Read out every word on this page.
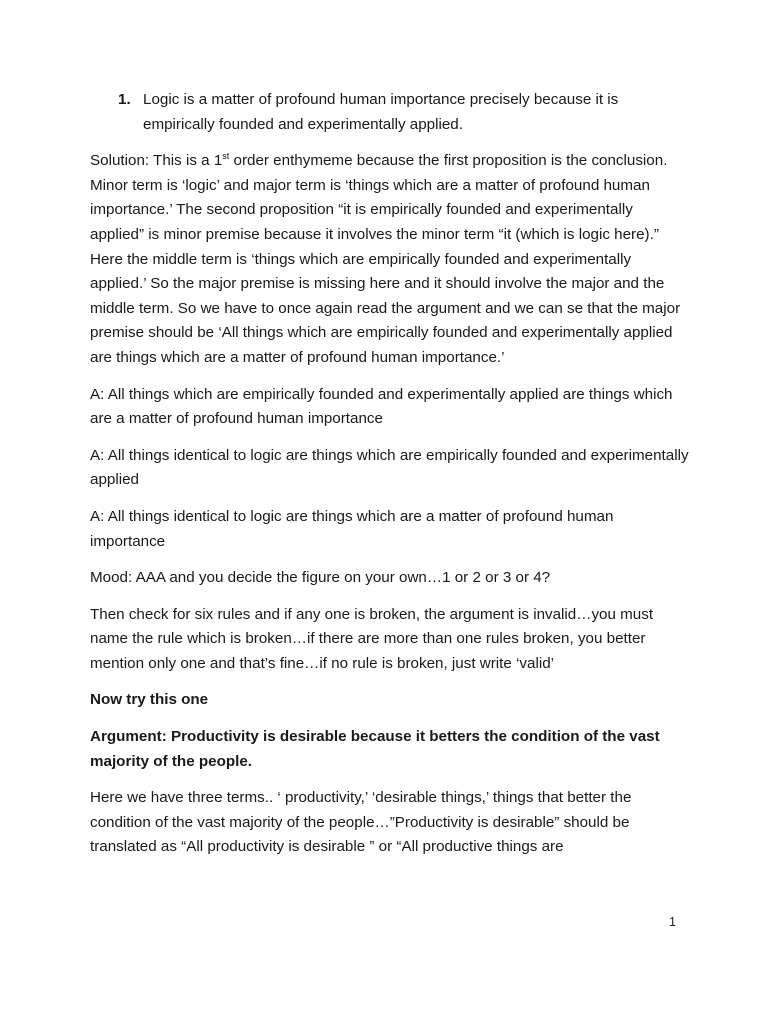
1. Logic is a matter of profound human importance precisely because it is empirically founded and experimentally applied.

Solution: This is a 1st order enthymeme because the first proposition is the conclusion. Minor term is ‘logic’ and major term is ‘things which are a matter of profound human importance.’ The second proposition “it is empirically founded and experimentally applied” is minor premise because it involves the minor term “it (which is logic here).” Here the middle term is ‘things which are empirically founded and experimentally applied.’ So the major premise is missing here and it should involve the major and the middle term. So we have to once again read the argument and we can se that the major premise should be ‘All things which are empirically founded and experimentally applied are things which are a matter of profound human importance.’

A: All things which are empirically founded and experimentally applied are things which are a matter of profound human importance

A: All things identical to logic are things which are empirically founded and experimentally applied

A: All things identical to logic are things which are a matter of profound human importance

Mood: AAA and you decide the figure on your own…1 or 2 or 3 or 4?

Then check for six rules and if any one is broken, the argument is invalid…you must name the rule which is broken…if there are more than one rules broken, you better mention only one and that’s fine…if no rule is broken, just write ‘valid’

Now try this one

Argument: Productivity is desirable because it betters the condition of the vast majority of the people.

Here we have three terms.. ‘ productivity,’ ‘desirable things,’ things that better the condition of the vast majority of the people…”Productivity is desirable” should be translated as “All productivity is desirable ” or “All productive things are

1
